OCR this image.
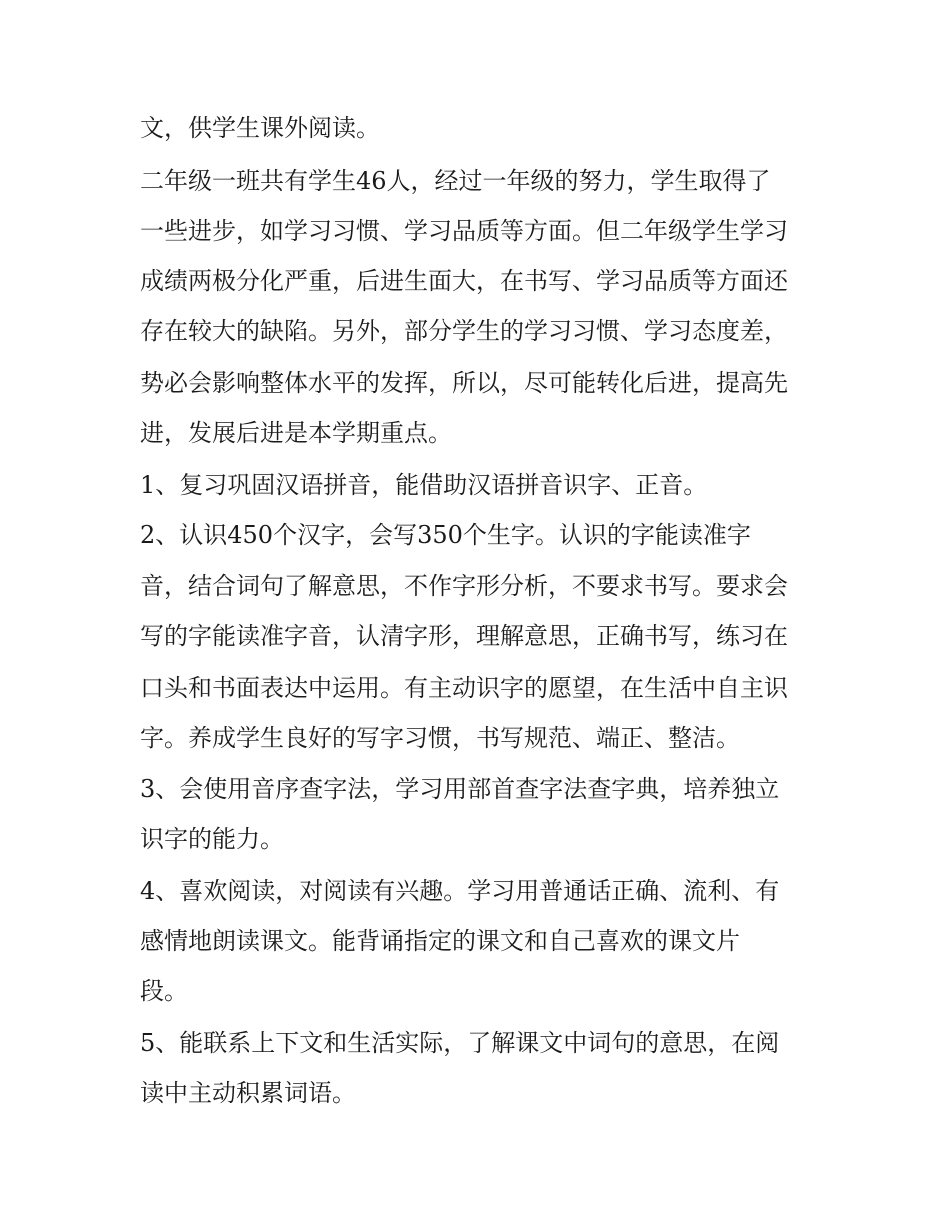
文，供学生课外阅读。

二年级一班共有学生46人，经过一年级的努力，学生取得了

一些进步，如学习习惯、学习品质等方面。但二年级学生学习

成绩两极分化严重，后进生面大，在书写、学习品质等方面还

存在较大的缺陷。另外，部分学生的学习习惯、学习态度差，

势必会影响整体水平的发挥，所以，尽可能转化后进，提高先

进，发展后进是本学期重点。

1、复习巩固汉语拼音，能借助汉语拼音识字、正音。

2、认识450个汉字，会写350个生字。认识的字能读准字

音，结合词句了解意思，不作字形分析，不要求书写。要求会

写的字能读准字音，认清字形，理解意思，正确书写，练习在

口头和书面表达中运用。有主动识字的愿望，在生活中自主识

字。养成学生良好的写字习惯，书写规范、端正、整洁。

3、会使用音序查字法，学习用部首查字法查字典，培养独立

识字的能力。

4、喜欢阅读，对阅读有兴趣。学习用普通话正确、流利、有

感情地朗读课文。能背诵指定的课文和自己喜欢的课文片

段。

5、能联系上下文和生活实际，了解课文中词句的意思，在阅

读中主动积累词语。
